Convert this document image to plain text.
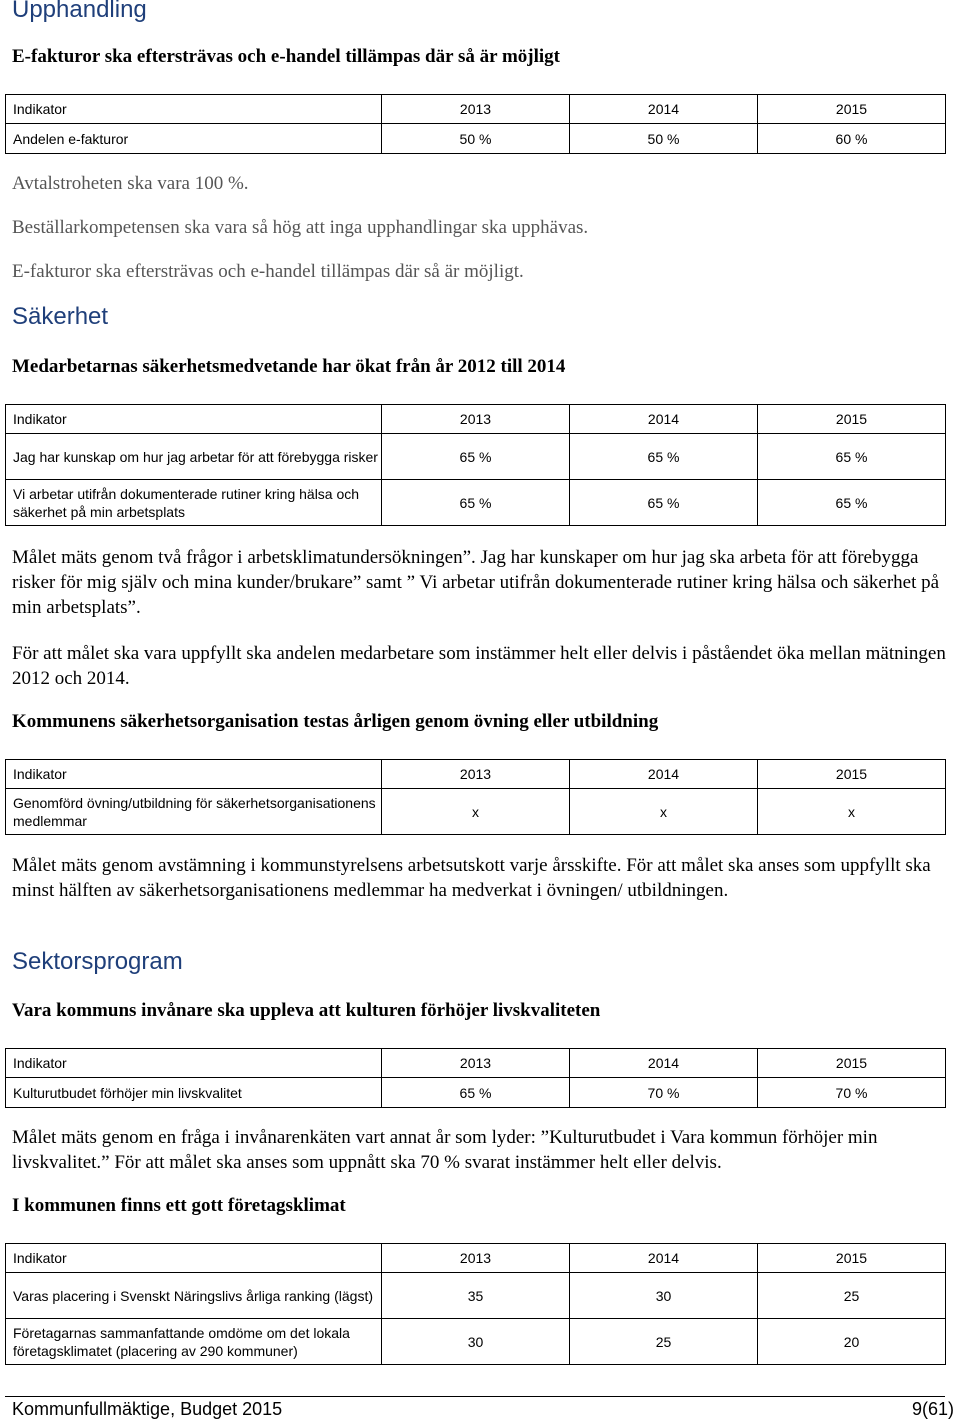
Upphandling
E-fakturor ska eftersträvas och e-handel tillämpas där så är möjligt
Indikator	2013	2014	2015
Andelen e-fakturor	50 %	50 %	60 %
Avtalstroheten ska vara 100 %.
Beställarkompetensen ska vara så hög att inga upphandlingar ska upphävas.
E-fakturor ska eftersträvas och e-handel tillämpas där så är möjligt.
Säkerhet
Medarbetarnas säkerhetsmedvetande har ökat från år 2012 till 2014
Indikator	2013	2014	2015
Jag har kunskap om hur jag arbetar för att förebygga risker	65 %	65 %	65 %
Vi arbetar utifrån dokumenterade rutiner kring hälsa och säkerhet på min arbetsplats	65 %	65 %	65 %
Målet mäts genom två frågor i arbetsklimatundersökningen”. Jag har kunskaper om hur jag ska arbeta för att förebygga risker för mig själv och mina kunder/brukare” samt ” Vi arbetar utifrån dokumenterade rutiner kring hälsa och säkerhet på min arbetsplats”.
För att målet ska vara uppfyllt ska andelen medarbetare som instämmer helt eller delvis i påståendet öka mellan mätningen 2012 och 2014.
Kommunens säkerhetsorganisation testas årligen genom övning eller utbildning
Indikator	2013	2014	2015
Genomförd övning/utbildning för säkerhetsorganisationens medlemmar	x	x	x
Målet mäts genom avstämning i kommunstyrelsens arbetsutskott varje årsskifte. För att målet ska anses som uppfyllt ska minst hälften av säkerhetsorganisationens medlemmar ha medverkat i övningen/ utbildningen.
Sektorsprogram
Vara kommuns invånare ska uppleva att kulturen förhöjer livskvaliteten
Indikator	2013	2014	2015
Kulturutbudet förhöjer min livskvalitet	65 %	70 %	70 %
Målet mäts genom en fråga i invånarenkäten vart annat år som lyder: ”Kulturutbudet i Vara kommun förhöjer min livskvalitet.” För att målet ska anses som uppnått ska 70 % svarat instämmer helt eller delvis.
I kommunen finns ett gott företagsklimat
Indikator	2013	2014	2015
Varas placering i Svenskt Näringslivs årliga ranking (lägst)	35	30	25
Företagarnas sammanfattande omdöme om det lokala företagsklimatet (placering av 290 kommuner)	30	25	20
Kommunfullmäktige, Budget 2015	9(61)
